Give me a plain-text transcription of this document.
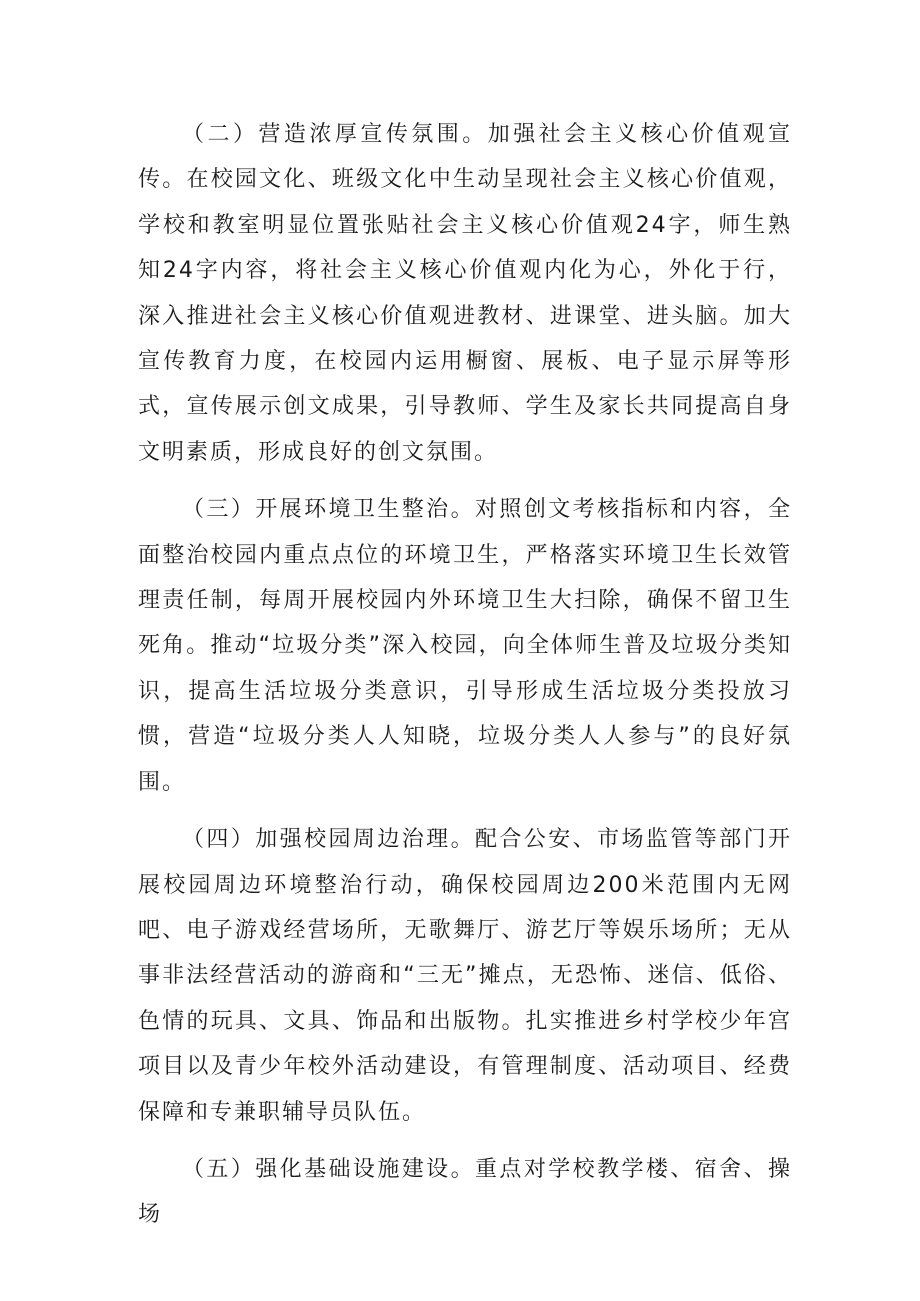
（二）营造浓厚宣传氛围。加强社会主义核心价值观宣传。在校园文化、班级文化中生动呈现社会主义核心价值观，学校和教室明显位置张贴社会主义核心价值观24字，师生熟知24字内容，将社会主义核心价值观内化为心，外化于行，深入推进社会主义核心价值观进教材、进课堂、进头脑。加大宣传教育力度，在校园内运用橱窗、展板、电子显示屏等形式，宣传展示创文成果，引导教师、学生及家长共同提高自身文明素质，形成良好的创文氛围。

（三）开展环境卫生整治。对照创文考核指标和内容，全面整治校园内重点点位的环境卫生，严格落实环境卫生长效管理责任制，每周开展校园内外环境卫生大扫除，确保不留卫生死角。推动“垃圾分类”深入校园，向全体师生普及垃圾分类知识，提高生活垃圾分类意识，引导形成生活垃圾分类投放习惯，营造“垃圾分类人人知晓，垃圾分类人人参与”的良好氛围。

（四）加强校园周边治理。配合公安、市场监管等部门开展校园周边环境整治行动，确保校园周边200米范围内无网吧、电子游戏经营场所，无歌舞厅、游艺厅等娱乐场所；无从事非法经营活动的游商和“三无”摊点，无恐怖、迷信、低俗、色情的玩具、文具、饰品和出版物。扎实推进乡村学校少年宫项目以及青少年校外活动建设，有管理制度、活动项目、经费保障和专兼职辅导员队伍。

（五）强化基础设施建设。重点对学校教学楼、宿舍、操场
